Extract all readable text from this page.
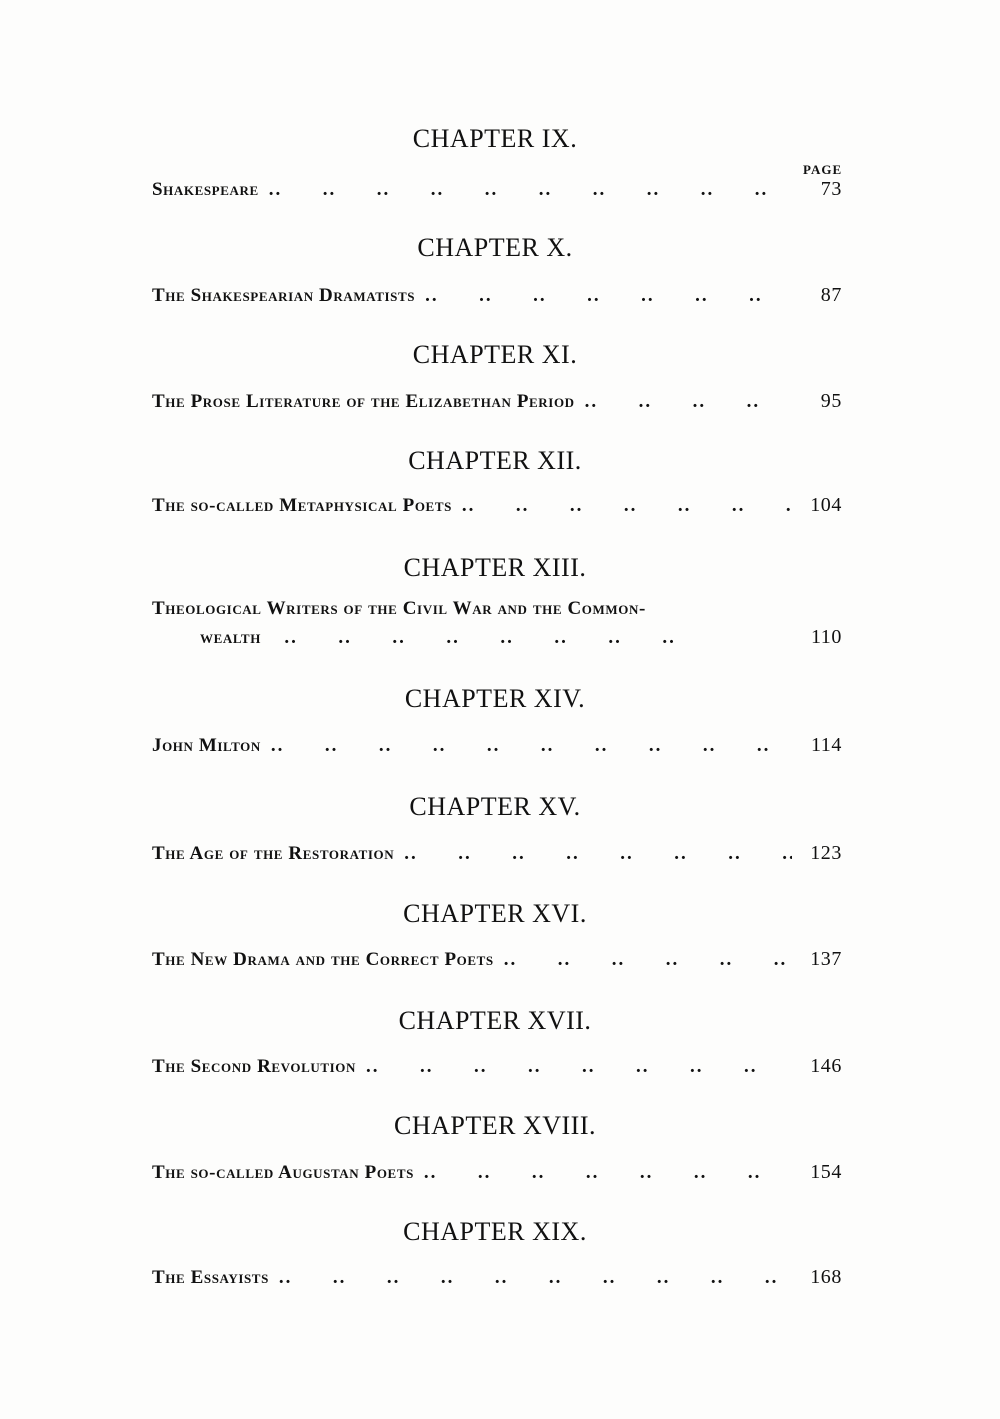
CHAPTER IX.
PAGE
Shakespeare ..	73
CHAPTER X.
The Shakespearian Dramatists ..	87
CHAPTER XI.
The Prose Literature of the Elizabethan Period ..	95
CHAPTER XII.
The so-called Metaphysical Poets ..	104
CHAPTER XIII.
Theological Writers of the Civil War and the Common-
wealth ..	110
CHAPTER XIV.
John Milton ..	114
CHAPTER XV.
The Age of the Restoration ..	123
CHAPTER XVI.
The New Drama and the Correct Poets ..	137
CHAPTER XVII.
The Second Revolution ..	146
CHAPTER XVIII.
The so-called Augustan Poets ..	154
CHAPTER XIX.
The Essayists ..	168
